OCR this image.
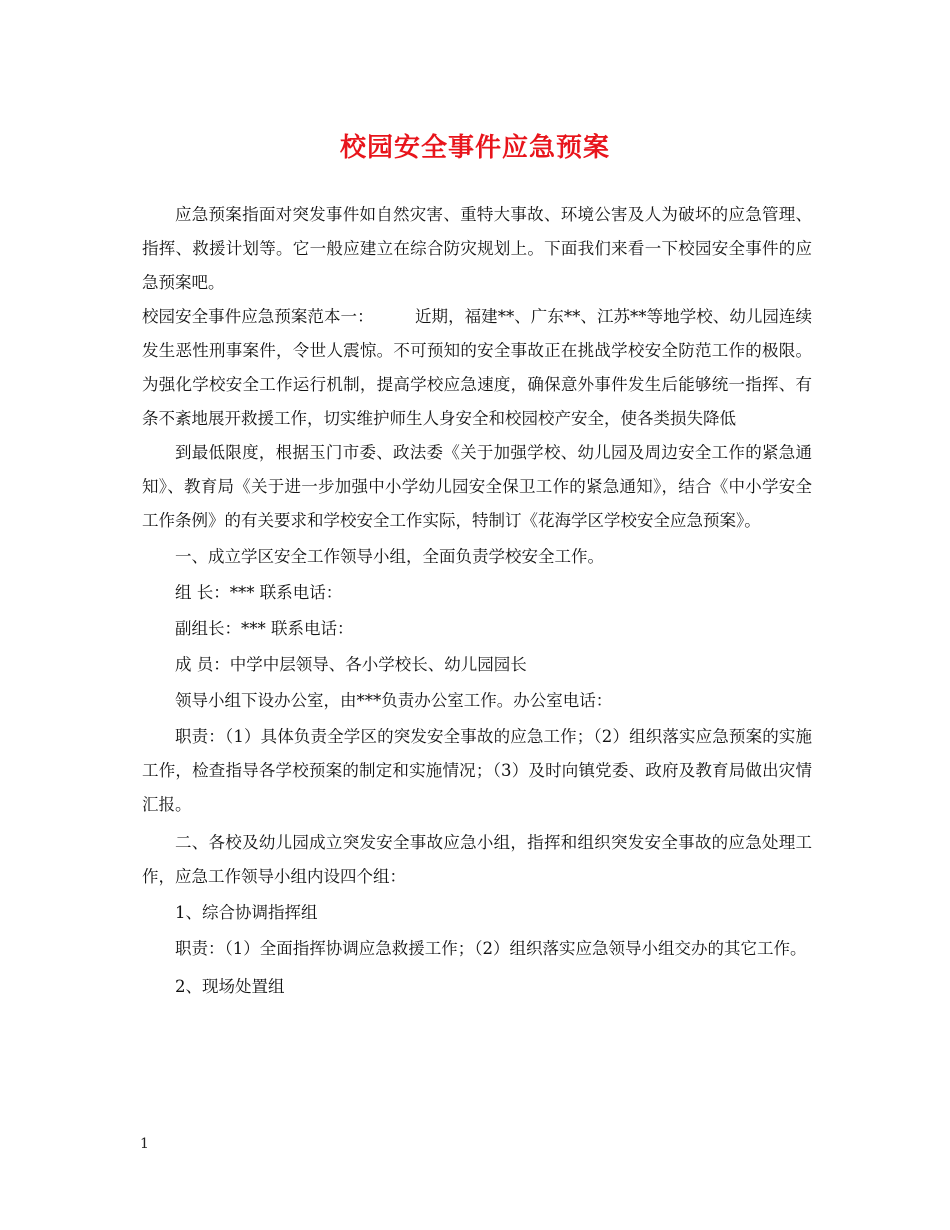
校园安全事件应急预案

应急预案指面对突发事件如自然灾害、重特大事故、环境公害及人为破坏的应急管理、指挥、救援计划等。它一般应建立在综合防灾规划上。下面我们来看一下校园安全事件的应急预案吧。

校园安全事件应急预案范本一：　　　近期，福建**、广东**、江苏**等地学校、幼儿园连续发生恶性刑事案件，令世人震惊。不可预知的安全事故正在挑战学校安全防范工作的极限。为强化学校安全工作运行机制，提高学校应急速度，确保意外事件发生后能够统一指挥、有条不紊地展开救援工作，切实维护师生人身安全和校园校产安全，使各类损失降低

到最低限度，根据玉门市委、政法委《关于加强学校、幼儿园及周边安全工作的紧急通知》、教育局《关于进一步加强中小学幼儿园安全保卫工作的紧急通知》，结合《中小学安全工作条例》的有关要求和学校安全工作实际，特制订《花海学区学校安全应急预案》。

一、成立学区安全工作领导小组，全面负责学校安全工作。

组 长：*** 联系电话：

副组长：*** 联系电话：

成 员：中学中层领导、各小学校长、幼儿园园长

领导小组下设办公室，由***负责办公室工作。办公室电话：

职责：（1）具体负责全学区的突发安全事故的应急工作；（2）组织落实应急预案的实施工作，检查指导各学校预案的制定和实施情况；（3）及时向镇党委、政府及教育局做出灾情汇报。

二、各校及幼儿园成立突发安全事故应急小组，指挥和组织突发安全事故的应急处理工作，应急工作领导小组内设四个组：

1、综合协调指挥组

职责：（1）全面指挥协调应急救援工作；（2）组织落实应急领导小组交办的其它工作。

2、现场处置组

1
